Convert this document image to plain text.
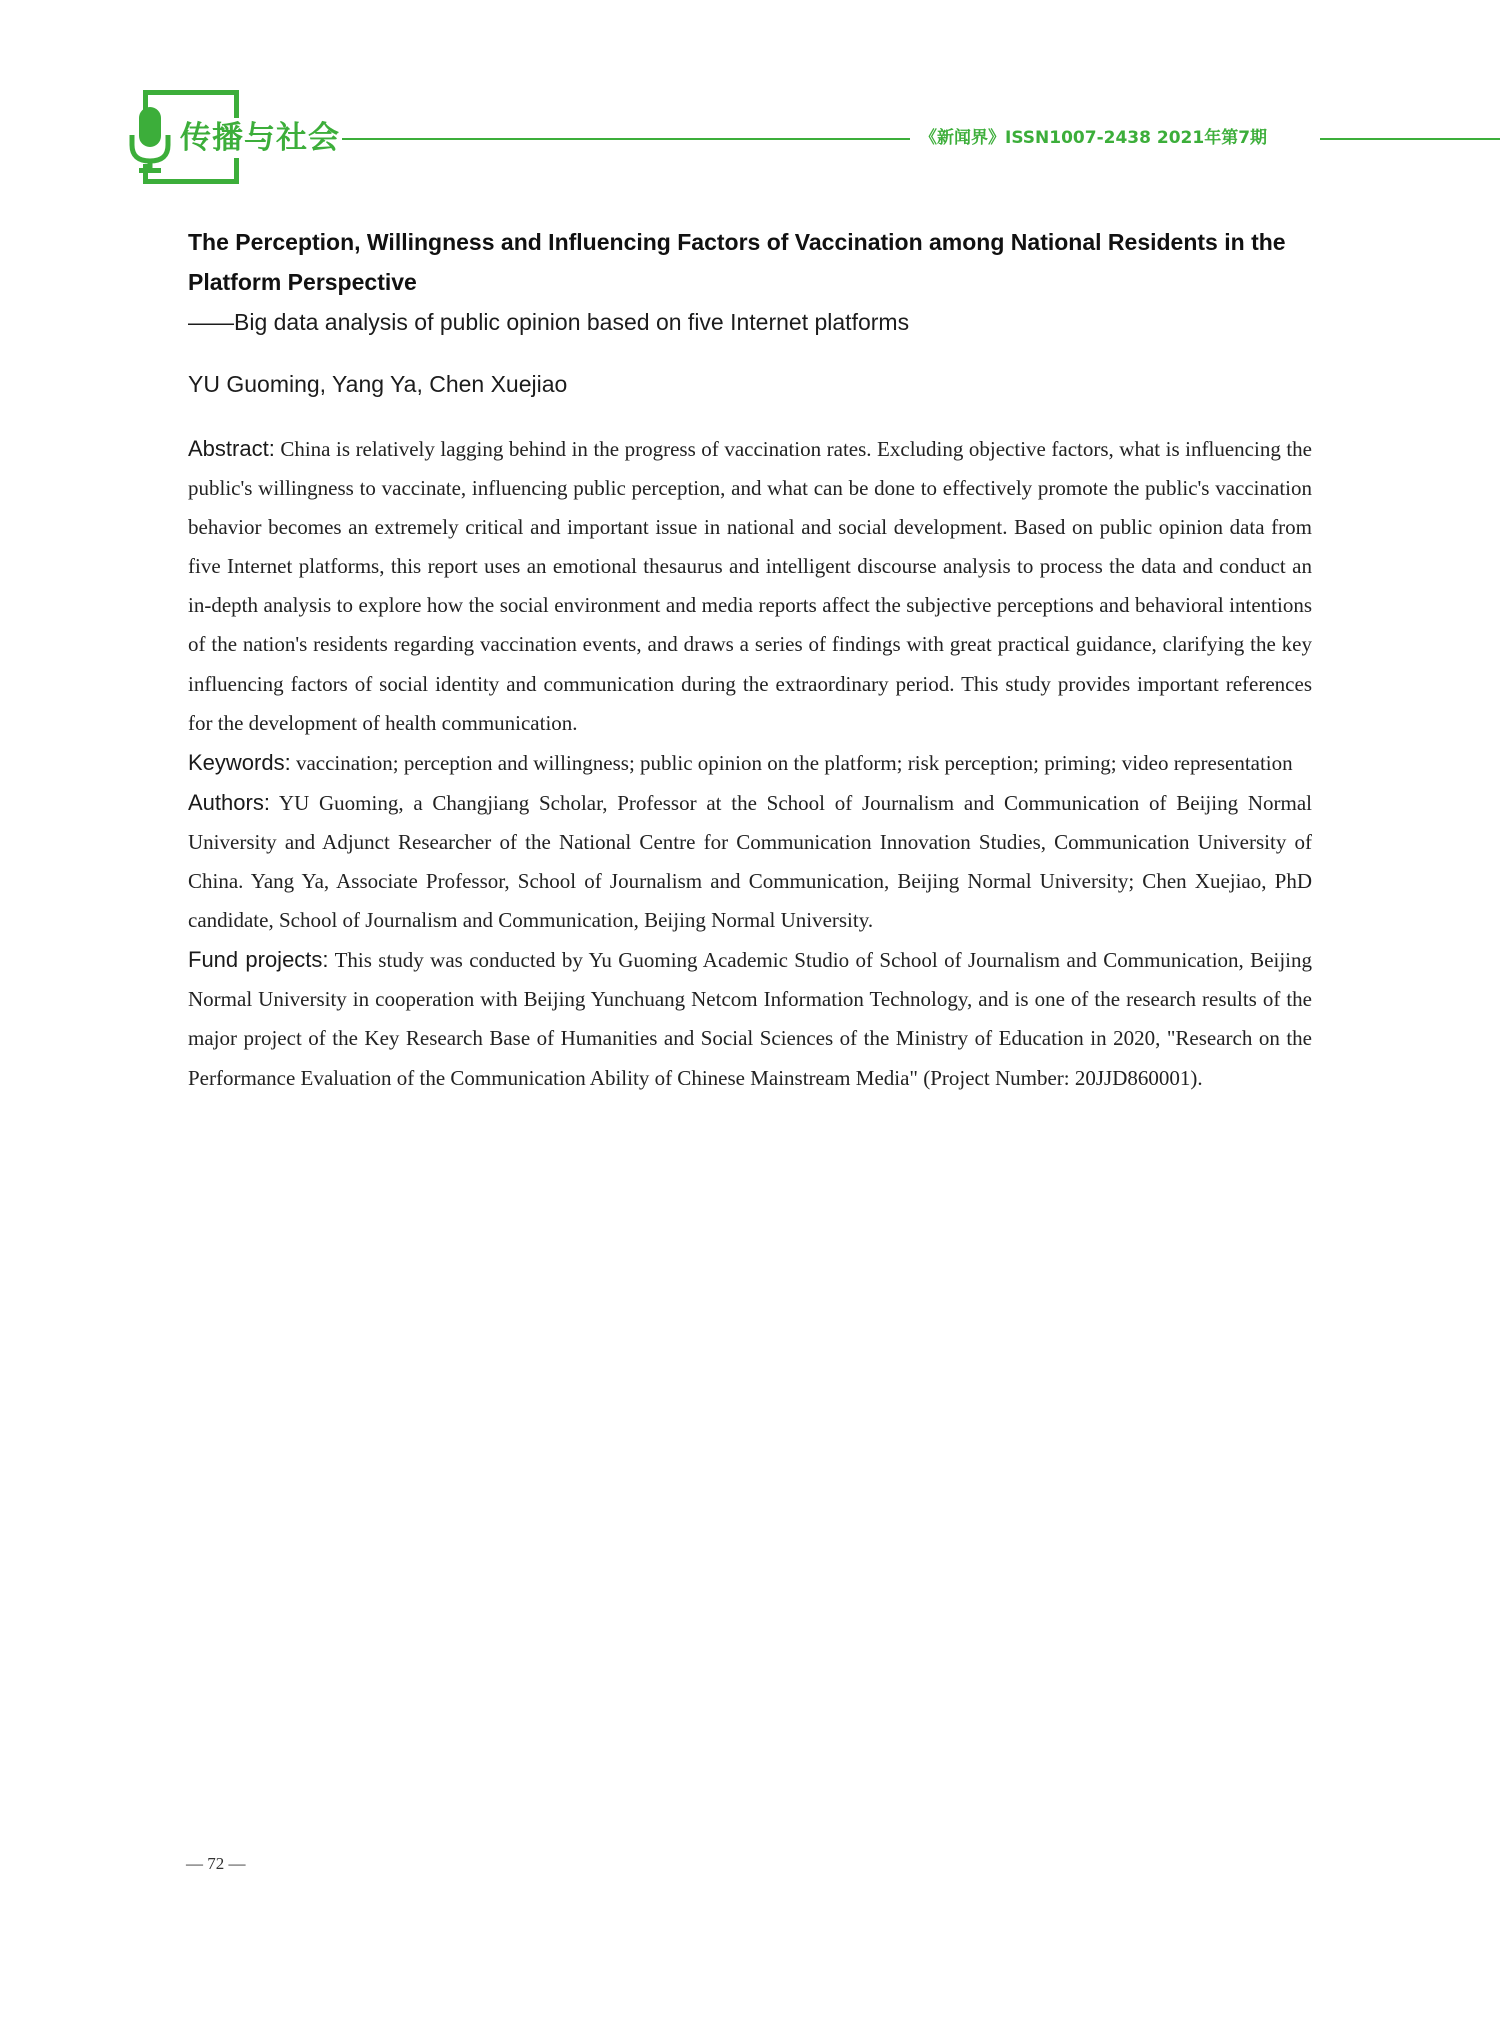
传播与社会	《新闻界》ISSN1007-2438 2021年第7期
The Perception, Willingness and Influencing Factors of Vaccination among National Residents in the Platform Perspective

——Big data analysis of public opinion based on five Internet platforms

YU Guoming, Yang Ya, Chen Xuejiao

Abstract: China is relatively lagging behind in the progress of vaccination rates. Excluding objective factors, what is influencing the public's willingness to vaccinate, influencing public perception, and what can be done to effectively promote the public's vaccination behavior becomes an extremely critical and important issue in national and social development. Based on public opinion data from five Internet platforms, this report uses an emotional thesaurus and intelligent discourse analysis to process the data and conduct an in-depth analysis to explore how the social environment and media reports affect the subjective perceptions and behavioral intentions of the nation's residents regarding vaccination events, and draws a series of findings with great practical guidance, clarifying the key influencing factors of social identity and communication during the extraordinary period. This study provides important references for the development of health communication.

Keywords: vaccination; perception and willingness; public opinion on the platform; risk perception; priming; video representation

Authors: YU Guoming, a Changjiang Scholar, Professor at the School of Journalism and Communication of Beijing Normal University and Adjunct Researcher of the National Centre for Communication Innovation Studies, Communication University of China. Yang Ya, Associate Professor, School of Journalism and Communication, Beijing Normal University; Chen Xuejiao, PhD candidate, School of Journalism and Communication, Beijing Normal University.

Fund projects: This study was conducted by Yu Guoming Academic Studio of School of Journalism and Communication, Beijing Normal University in cooperation with Beijing Yunchuang Netcom Information Technology, and is one of the research results of the major project of the Key Research Base of Humanities and Social Sciences of the Ministry of Education in 2020, "Research on the Performance Evaluation of the Communication Ability of Chinese Mainstream Media" (Project Number: 20JJD860001).

— 72 —
